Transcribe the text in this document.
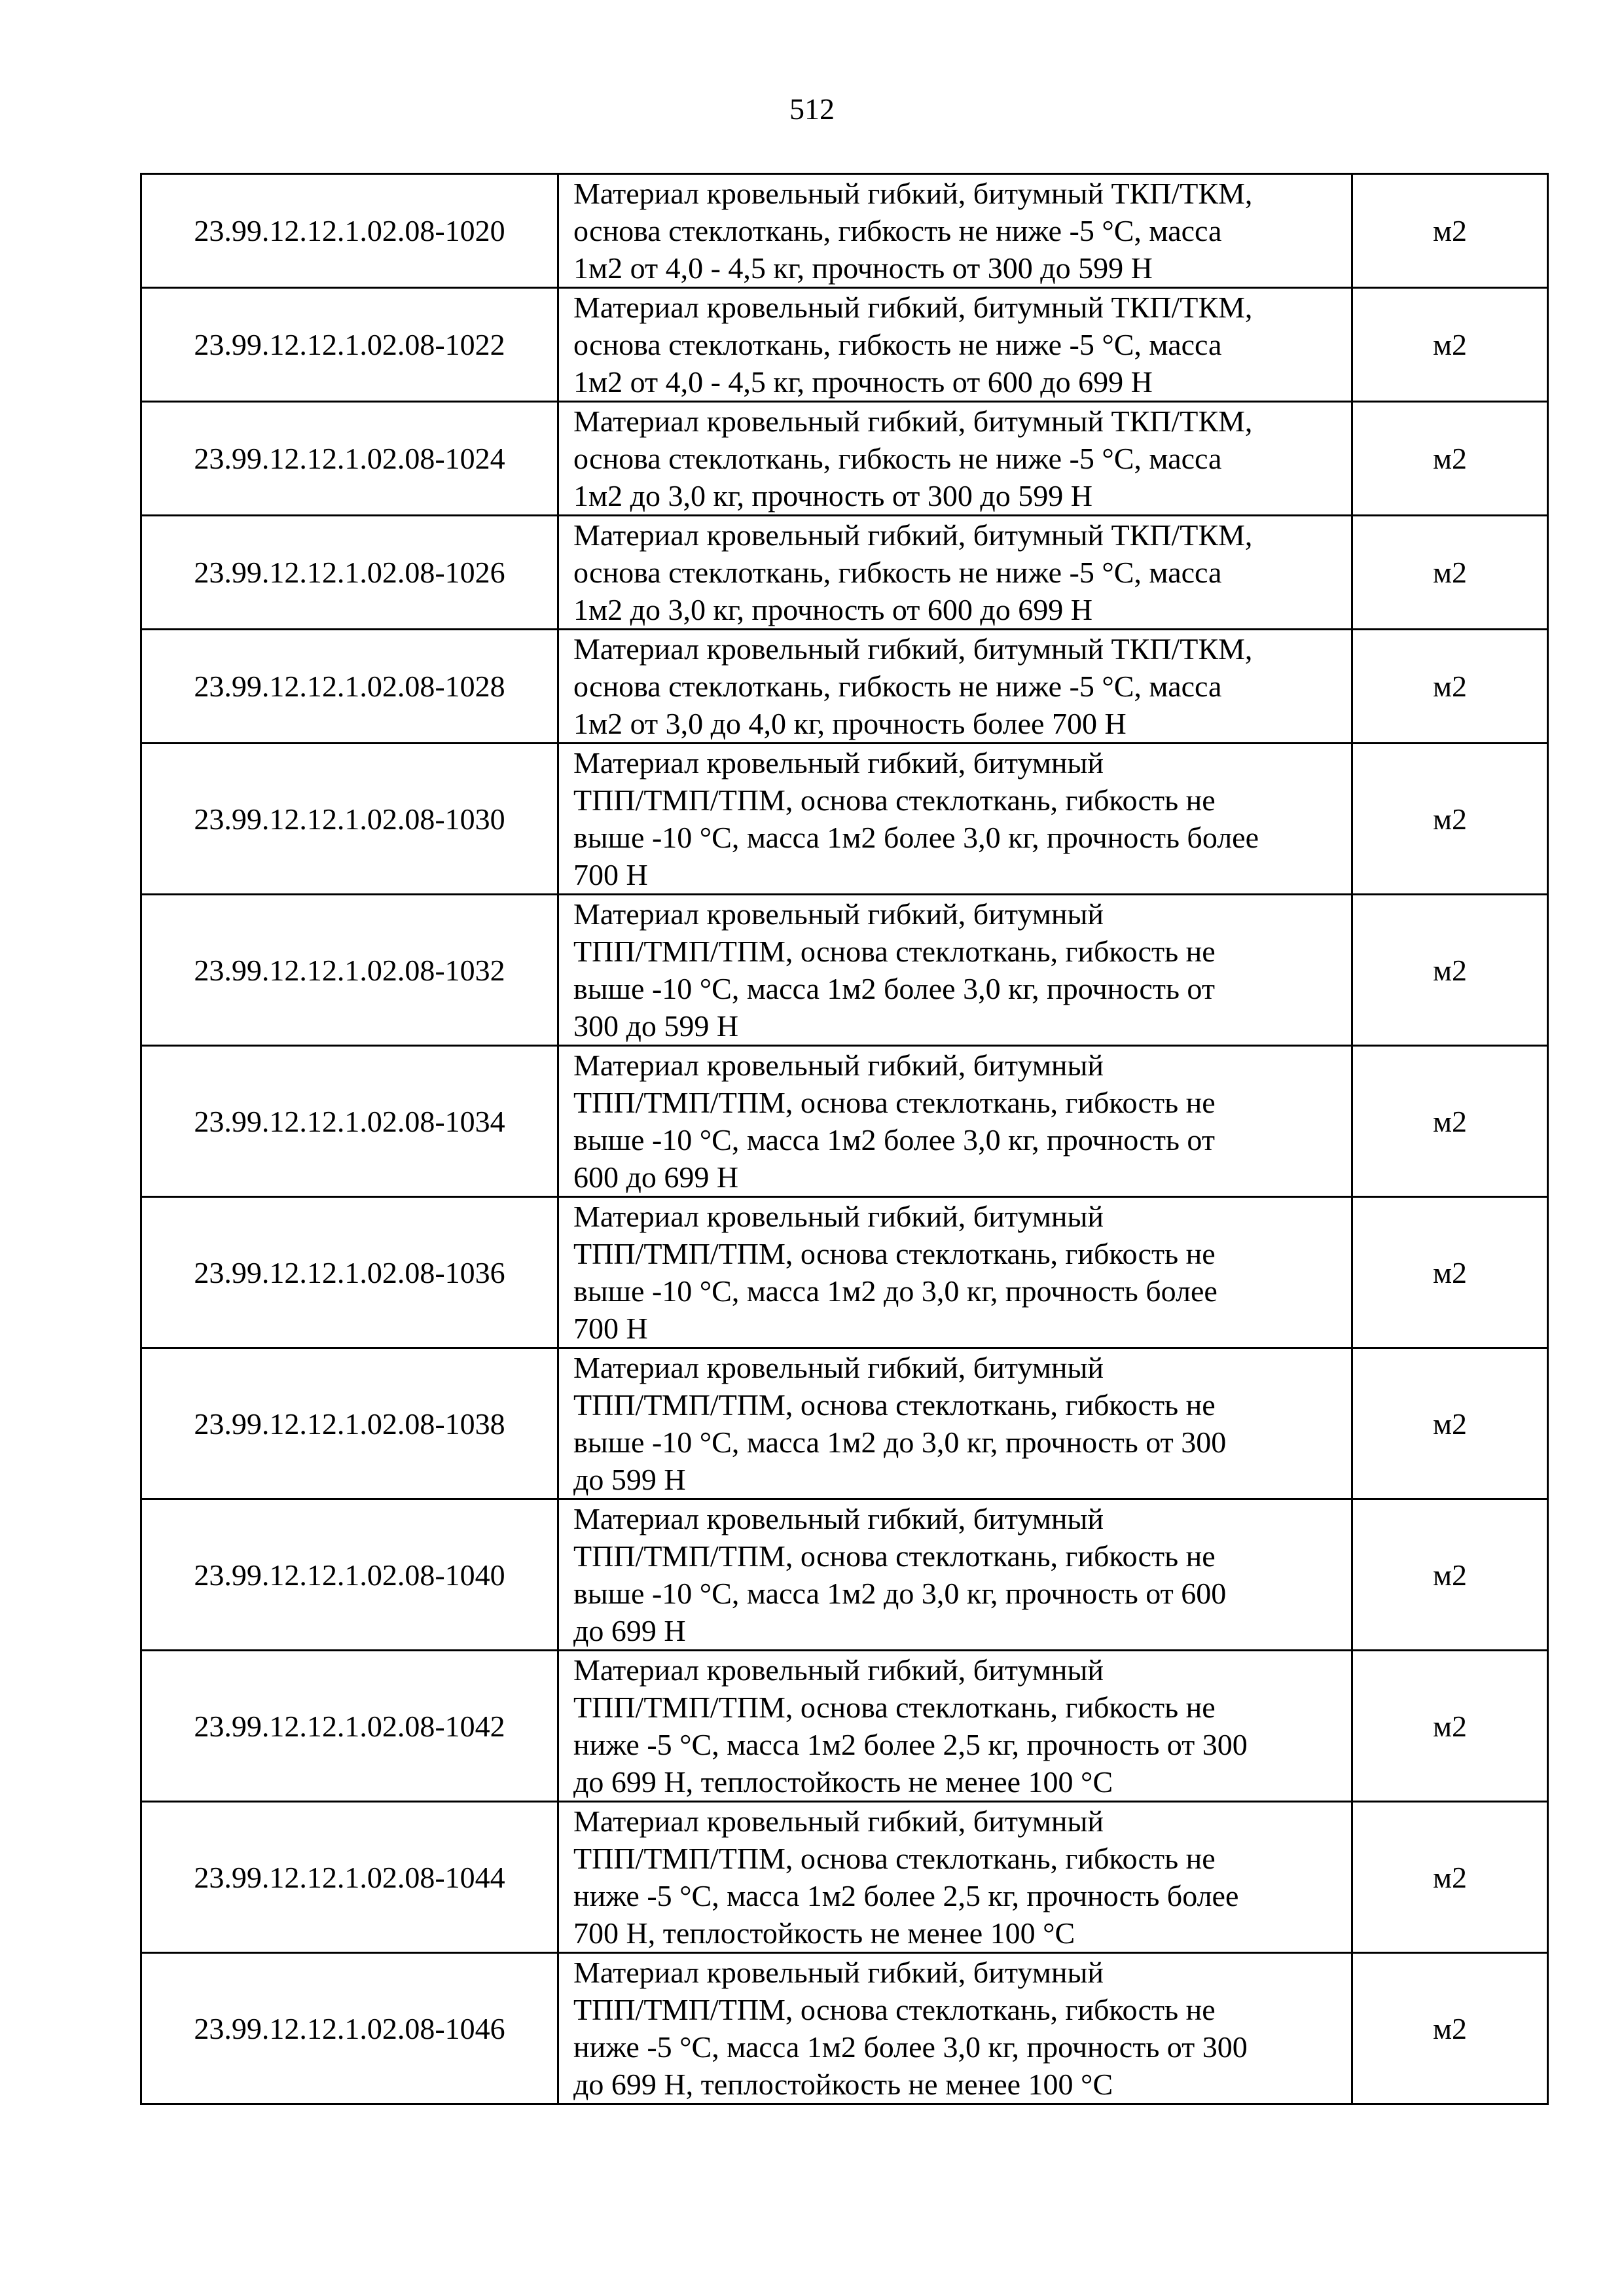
512
23.99.12.12.1.02.08-1020	Материал кровельный гибкий, битумный ТКП/ТКМ,
основа стеклоткань, гибкость не ниже -5 °С, масса
1м2 от 4,0 - 4,5 кг, прочность от 300 до 599 Н	м2
23.99.12.12.1.02.08-1022	Материал кровельный гибкий, битумный ТКП/ТКМ,
основа стеклоткань, гибкость не ниже -5 °С, масса
1м2 от 4,0 - 4,5 кг, прочность от 600 до 699 Н	м2
23.99.12.12.1.02.08-1024	Материал кровельный гибкий, битумный ТКП/ТКМ,
основа стеклоткань, гибкость не ниже -5 °С, масса
1м2 до 3,0 кг, прочность от 300 до 599 Н	м2
23.99.12.12.1.02.08-1026	Материал кровельный гибкий, битумный ТКП/ТКМ,
основа стеклоткань, гибкость не ниже -5 °С, масса
1м2 до 3,0 кг, прочность от 600 до 699 Н	м2
23.99.12.12.1.02.08-1028	Материал кровельный гибкий, битумный ТКП/ТКМ,
основа стеклоткань, гибкость не ниже -5 °С, масса
1м2 от 3,0 до 4,0 кг, прочность более 700 Н	м2
23.99.12.12.1.02.08-1030	Материал кровельный гибкий, битумный
ТПП/ТМП/ТПМ, основа стеклоткань, гибкость не
выше -10 °С, масса 1м2 более 3,0 кг, прочность более
700 Н	м2
23.99.12.12.1.02.08-1032	Материал кровельный гибкий, битумный
ТПП/ТМП/ТПМ, основа стеклоткань, гибкость не
выше -10 °С, масса 1м2 более 3,0 кг, прочность от
300 до 599 Н	м2
23.99.12.12.1.02.08-1034	Материал кровельный гибкий, битумный
ТПП/ТМП/ТПМ, основа стеклоткань, гибкость не
выше -10 °С, масса 1м2 более 3,0 кг, прочность от
600 до 699 Н	м2
23.99.12.12.1.02.08-1036	Материал кровельный гибкий, битумный
ТПП/ТМП/ТПМ, основа стеклоткань, гибкость не
выше -10 °С, масса 1м2 до 3,0 кг, прочность более
700 Н	м2
23.99.12.12.1.02.08-1038	Материал кровельный гибкий, битумный
ТПП/ТМП/ТПМ, основа стеклоткань, гибкость не
выше -10 °С, масса 1м2 до 3,0 кг, прочность от 300
до 599 Н	м2
23.99.12.12.1.02.08-1040	Материал кровельный гибкий, битумный
ТПП/ТМП/ТПМ, основа стеклоткань, гибкость не
выше -10 °С, масса 1м2 до 3,0 кг, прочность от 600
до 699 Н	м2
23.99.12.12.1.02.08-1042	Материал кровельный гибкий, битумный
ТПП/ТМП/ТПМ, основа стеклоткань, гибкость не
ниже -5 °С, масса 1м2 более 2,5 кг, прочность от 300
до 699 Н, теплостойкость не менее 100 °С	м2
23.99.12.12.1.02.08-1044	Материал кровельный гибкий, битумный
ТПП/ТМП/ТПМ, основа стеклоткань, гибкость не
ниже -5 °С, масса 1м2 более 2,5 кг, прочность более
700 Н, теплостойкость не менее 100 °С	м2
23.99.12.12.1.02.08-1046	Материал кровельный гибкий, битумный
ТПП/ТМП/ТПМ, основа стеклоткань, гибкость не
ниже -5 °С, масса 1м2 более 3,0 кг, прочность от 300
до 699 Н, теплостойкость не менее 100 °С	м2
